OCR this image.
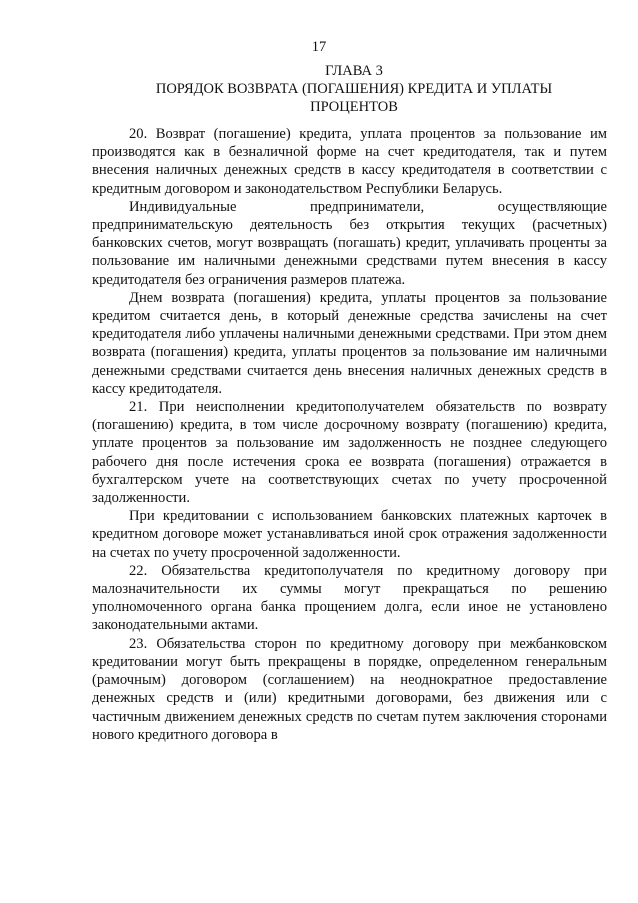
17
ГЛАВА 3
ПОРЯДОК ВОЗВРАТА (ПОГАШЕНИЯ) КРЕДИТА И УПЛАТЫ
ПРОЦЕНТОВ

20. Возврат (погашение) кредита, уплата процентов за пользование им производятся как в безналичной форме на счет кредитодателя, так и путем внесения наличных денежных средств в кассу кредитодателя в соответствии с кредитным договором и законодательством Республики Беларусь.

Индивидуальные предприниматели, осуществляющие предпринимательскую деятельность без открытия текущих (расчетных) банковских счетов, могут возвращать (погашать) кредит, уплачивать проценты за пользование им наличными денежными средствами путем внесения в кассу кредитодателя без ограничения размеров платежа.

Днем возврата (погашения) кредита, уплаты процентов за пользование кредитом считается день, в который денежные средства зачислены на счет кредитодателя либо уплачены наличными денежными средствами. При этом днем возврата (погашения) кредита, уплаты процентов за пользование им наличными денежными средствами считается день внесения наличных денежных средств в кассу кредитодателя.

21. При неисполнении кредитополучателем обязательств по возврату (погашению) кредита, в том числе досрочному возврату (погашению) кредита, уплате процентов за пользование им задолженность не позднее следующего рабочего дня после истечения срока ее возврата (погашения) отражается в бухгалтерском учете на соответствующих счетах по учету просроченной задолженности.

При кредитовании с использованием банковских платежных карточек в кредитном договоре может устанавливаться иной срок отражения задолженности на счетах по учету просроченной задолженности.

22. Обязательства кредитополучателя по кредитному договору при малозначительности их суммы могут прекращаться по решению уполномоченного органа банка прощением долга, если иное не установлено законодательными актами.

23. Обязательства сторон по кредитному договору при межбанковском кредитовании могут быть прекращены в порядке, определенном генеральным (рамочным) договором (соглашением) на неоднократное предоставление денежных средств и (или) кредитными договорами, без движения или с частичным движением денежных средств по счетам путем заключения сторонами нового кредитного договора в
